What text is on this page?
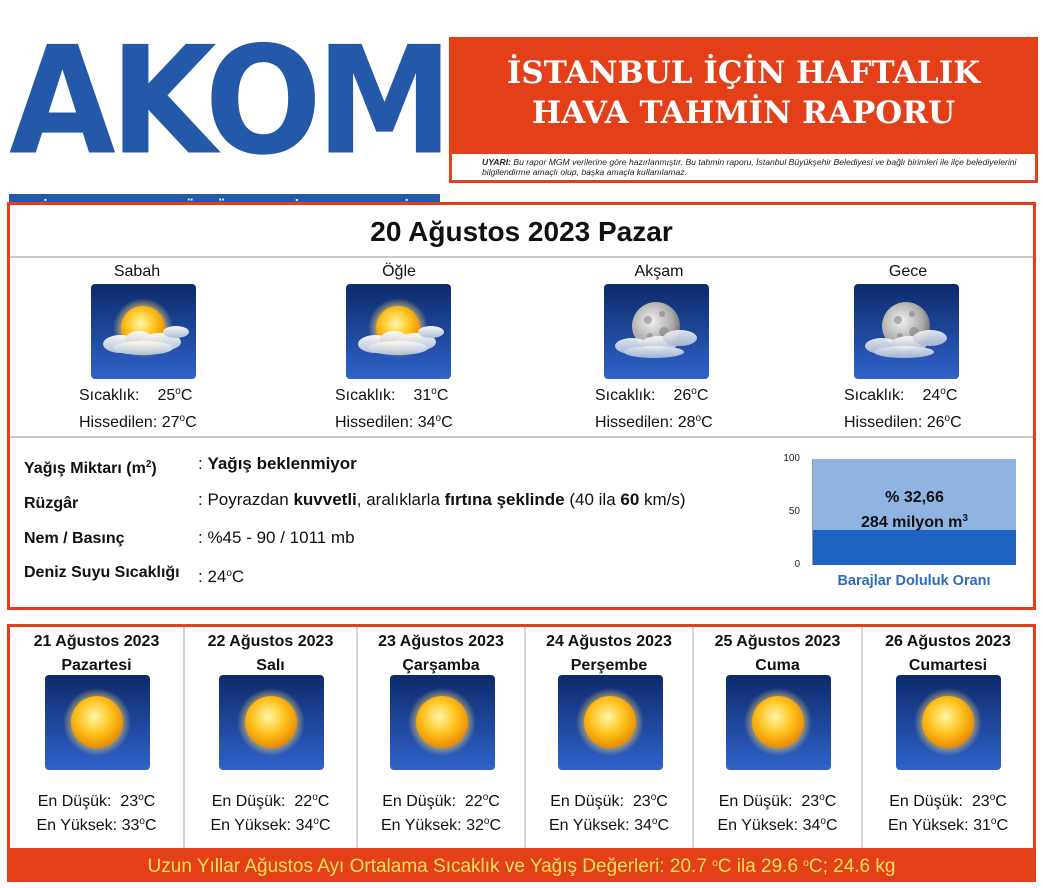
AKOM	İSTANBUL İÇİN HAFTALIK
HAVA TAHMİN RAPORU
UYARI: Bu rapor MGM verilerine göre hazırlanmıştır. Bu tahmin raporu, İstanbul Büyükşehir Belediyesi ve bağlı birimleri ile ilçe belediyelerini bilgilendirme amaçlı olup, başka amaçla kullanılamaz.
20 Ağustos 2023 Pazar
Sabah
Sıcaklık: 25$^o$C
Hissedilen: 27$^o$C
Öğle
Sıcaklık: 31$^o$C
Hissedilen: 34$^o$C
Akşam
Sıcaklık: 26$^o$C
Hissedilen: 28$^o$C
Gece
Sıcaklık: 24$^o$C
Hissedilen: 26$^o$C
Yağış Miktarı $(m^2)$ : Yağış beklenmiyor
Rüzgâr	: Poyrazdan kuvvetli, aralıklarla fırtına şeklinde (40 ila 60 km/s)
Nem / Basınç	: %45 - 90 / 1011 mb
Deniz Suyu Sıcaklığı : 24$^o$C
100
50
0
% 32,66
284 milyon $m^3$
Barajlar Doluluk Oranı
21 Ağustos 2023
Pazartesi
En Düşük: 23$^o$C
En Yüksek: 33$^o$C
22 Ağustos 2023
Salı
En Düşük: 22$^o$C
En Yüksek: 34$^o$C
23 Ağustos 2023
Çarşamba
En Düşük: 22$^o$C
En Yüksek: 32$^o$C
24 Ağustos 2023
Perşembe
En Düşük: 23$^o$C
En Yüksek: 34$^o$C
25 Ağustos 2023
Cuma
En Düşük: 23$^o$C
En Yüksek: 34$^o$C
26 Ağustos 2023
Cumartesi
En Düşük: 23$^o$C
En Yüksek: 31$^o$C
Uzun Yıllar Ağustos Ayı Ortalama Sıcaklık ve Yağış Değerleri: 20.7 $^o$C ila 29.6 $^o$C; 24.6 kg
